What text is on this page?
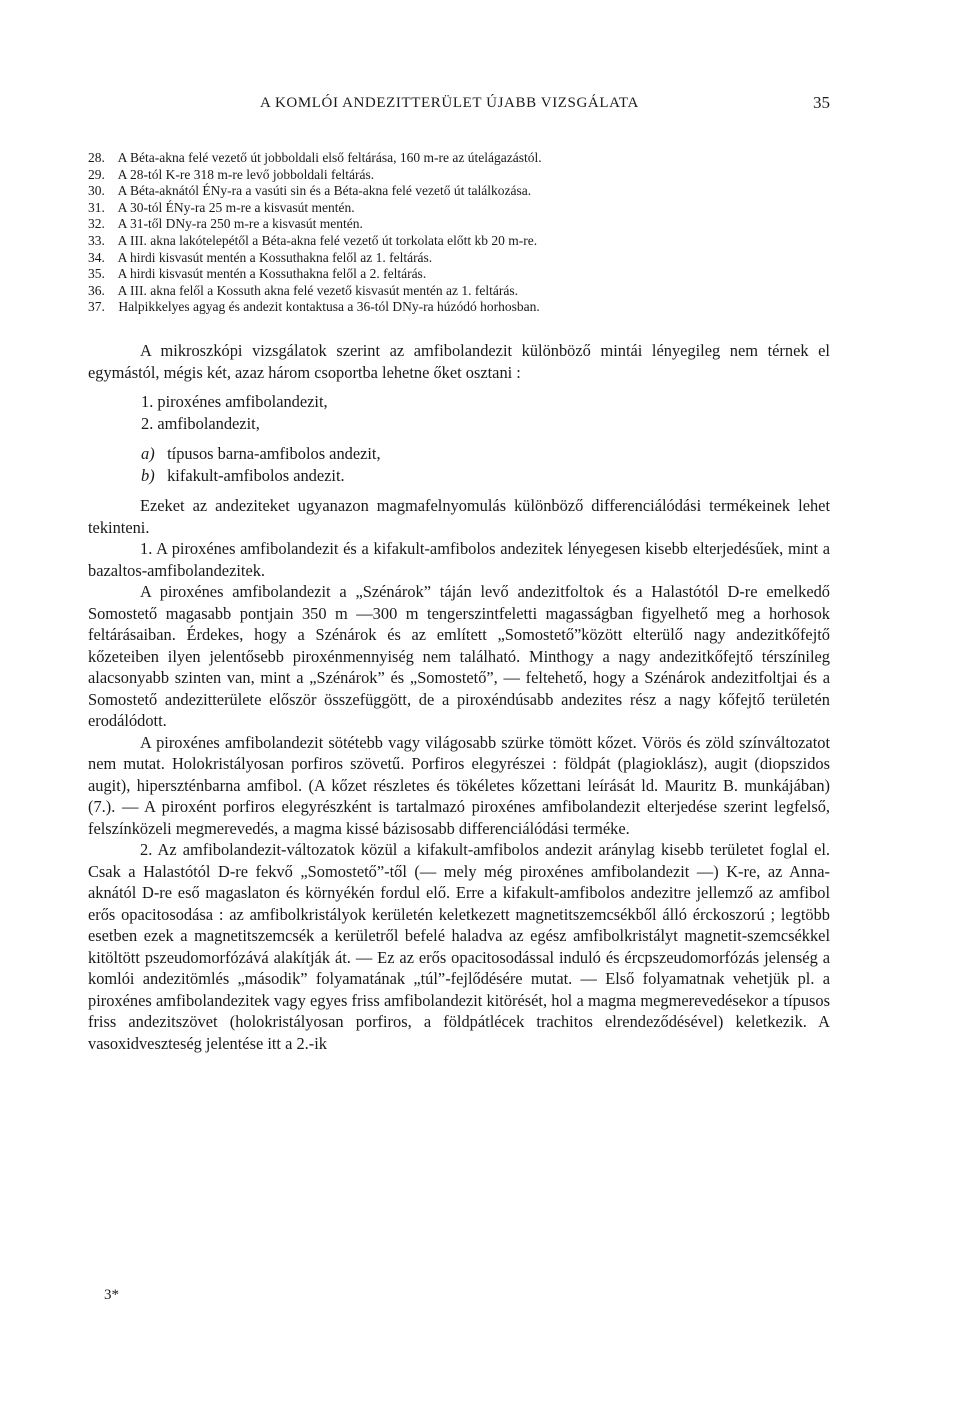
A KOMLÓI ANDEZITTERÜLET ÚJABB VIZSGÁLATA	35
28. A Béta-akna felé vezető út jobboldali első feltárása, 160 m-re az útelágazástól.
29. A 28-tól K-re 318 m-re levő jobboldali feltárás.
30. A Béta-aknától ÉNy-ra a vasúti sin és a Béta-akna felé vezető út találkozása.
31. A 30-tól ÉNy-ra 25 m-re a kisvasút mentén.
32. A 31-től DNy-ra 250 m-re a kisvasút mentén.
33. A III. akna lakótelepétől a Béta-akna felé vezető út torkolata előtt kb 20 m-re.
34. A hirdi kisvasút mentén a Kossuthakna felől az 1. feltárás.
35. A hirdi kisvasút mentén a Kossuthakna felől a 2. feltárás.
36. A III. akna felől a Kossuth akna felé vezető kisvasút mentén az 1. feltárás.
37. Halpikkelyes agyag és andezit kontaktusa a 36-tól DNy-ra húzódó horhosban.

A mikroszkópi vizsgálatok szerint az amfibolandezit különböző mintái lényegileg nem térnek el egymástól, mégis két, azaz három csoportba lehetne őket osztani :

1. piroxénes amfibolandezit,
2. amfibolandezit,
a) típusos barna-amfibolos andezit,
b) kifakult-amfibolos andezit.

Ezeket az andeziteket ugyanazon magmafelnyomulás különböző differenciálódási termékeinek lehet tekinteni.

1. A piroxénes amfibolandezit és a kifakult-amfibolos andezitek lényegesen kisebb elterjedésűek, mint a bazaltos-amfibolandezitek.

A piroxénes amfibolandezit a „Szénárok” táján levő andezitfoltok és a Halastótól D-re emelkedő Somostető magasabb pontjain 350 m —300 m tengerszintfeletti magasságban figyelhető meg a horhosok feltárásaiban. Érdekes, hogy a Szénárok és az említett „Somostető”között elterülő nagy andezitkőfejtő kőzeteiben ilyen jelentősebb piroxénmennyiség nem található. Minthogy a nagy andezitkőfejtő térszínileg alacsonyabb szinten van, mint a „Szénárok” és „Somostető”, — feltehető, hogy a Szénárok andezitfoltjai és a Somostető andezitterülete először összefüggött, de a piroxéndúsabb andezites rész a nagy kőfejtő területén erodálódott.

A piroxénes amfibolandezit sötétebb vagy világosabb szürke tömött kőzet. Vörös és zöld színváltozatot nem mutat. Holokristályosan porfiros szövetű. Porfiros elegyrészei : földpát (plagioklász), augit (diopszidos augit), hiperszténbarna amfibol. (A kőzet részletes és tökéletes kőzettani leírását ld. Mauritz B. munkájában) (7.). — A piroxént porfiros elegyrészként is tartalmazó piroxénes amfibolandezit elterjedése szerint legfelső, felszínközeli megmerevedés, a magma kissé bázisosabb differenciálódási terméke.

2. Az amfibolandezit-változatok közül a kifakult-amfibolos andezit aránylag kisebb területet foglal el. Csak a Halastótól D-re fekvő „Somostető”-től (— mely még piroxénes amfibolandezit —) K-re, az Anna-aknától D-re eső magaslaton és környékén fordul elő. Erre a kifakult-amfibolos andezitre jellemző az amfibol erős opacitosodása : az amfibolkristályok kerületén keletkezett magnetitszemcsékből álló érckoszorú ; legtöbb esetben ezek a magnetitszemcsék a kerületről befelé haladva az egész amfibolkristályt magnetit-szemcsékkel kitöltött pszeudomorfózává alakítják át. — Ez az erős opacitosodással induló és ércpszeudomorfózás jelenség a komlói andezitömlés „második” folyamatának „túl”-fejlődésére mutat. — Első folyamatnak vehetjük pl. a piroxénes amfibolandezitek vagy egyes friss amfibolandezit kitörését, hol a magma megmerevedésekor a típusos friss andezitszövet (holokristályosan porfiros, a földpátlécek trachitos elrendeződésével) keletkezik. A vasoxidveszteség jelentése itt a 2.-ik

3*
